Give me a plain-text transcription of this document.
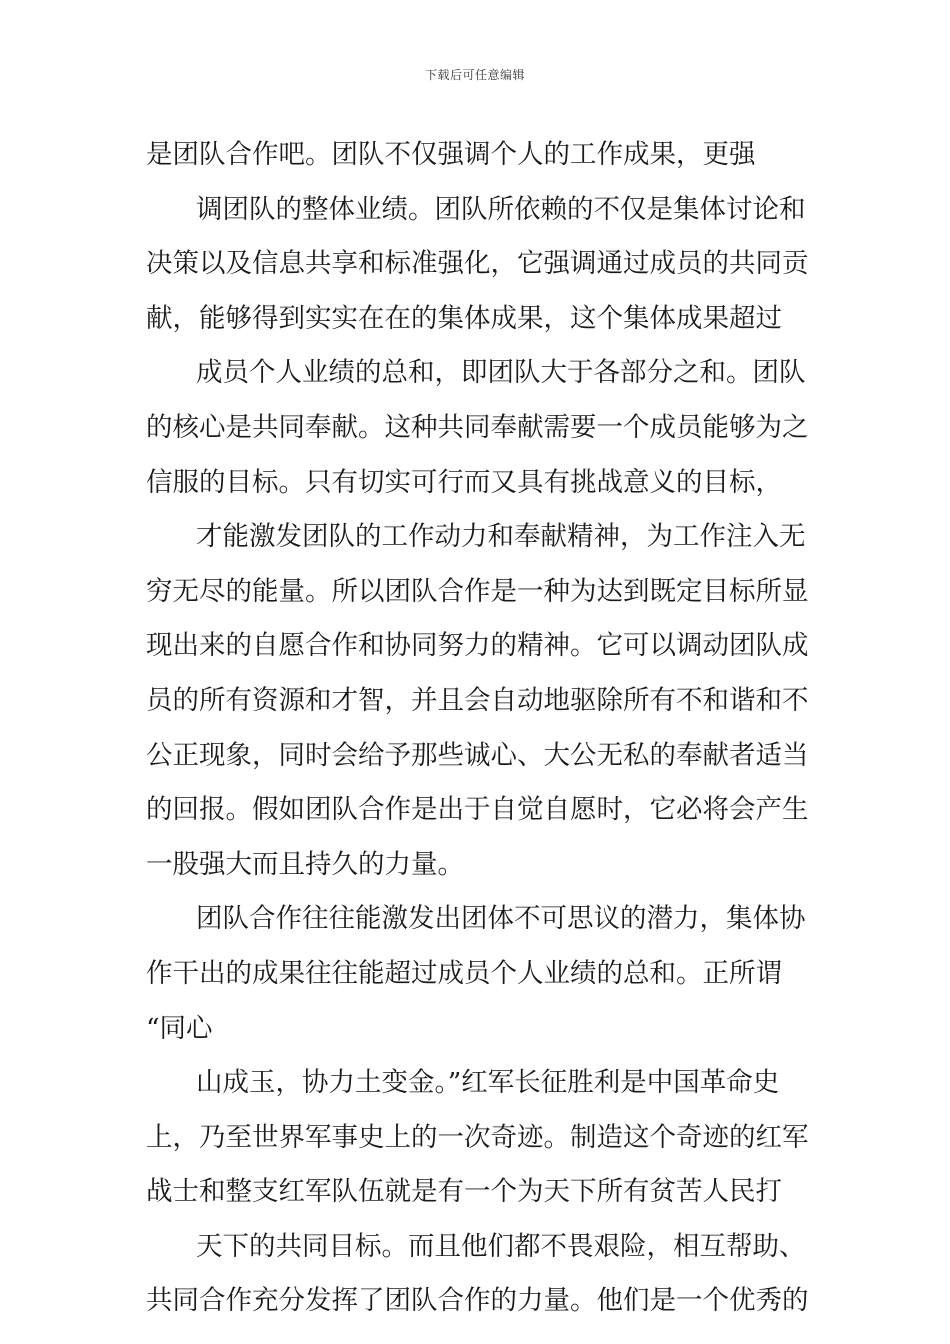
下载后可任意编辑
是团队合作吧。团队不仅强调个人的工作成果，更强
调团队的整体业绩。团队所依赖的不仅是集体讨论和
决策以及信息共享和标准强化，它强调通过成员的共同贡
献，能够得到实实在在的集体成果，这个集体成果超过
成员个人业绩的总和，即团队大于各部分之和。团队
的核心是共同奉献。这种共同奉献需要一个成员能够为之
信服的目标。只有切实可行而又具有挑战意义的目标，
才能激发团队的工作动力和奉献精神，为工作注入无
穷无尽的能量。所以团队合作是一种为达到既定目标所显
现出来的自愿合作和协同努力的精神。它可以调动团队成
员的所有资源和才智，并且会自动地驱除所有不和谐和不
公正现象，同时会给予那些诚心、大公无私的奉献者适当
的回报。假如团队合作是出于自觉自愿时，它必将会产生
一股强大而且持久的力量。
团队合作往往能激发出团体不可思议的潜力，集体协
作干出的成果往往能超过成员个人业绩的总和。正所谓
“同心
山成玉，协力土变金。”红军长征胜利是中国革命史
上，乃至世界军事史上的一次奇迹。制造这个奇迹的红军
战士和整支红军队伍就是有一个为天下所有贫苦人民打
天下的共同目标。而且他们都不畏艰险，相互帮助、
共同合作充分发挥了团队合作的力量。他们是一个优秀的
